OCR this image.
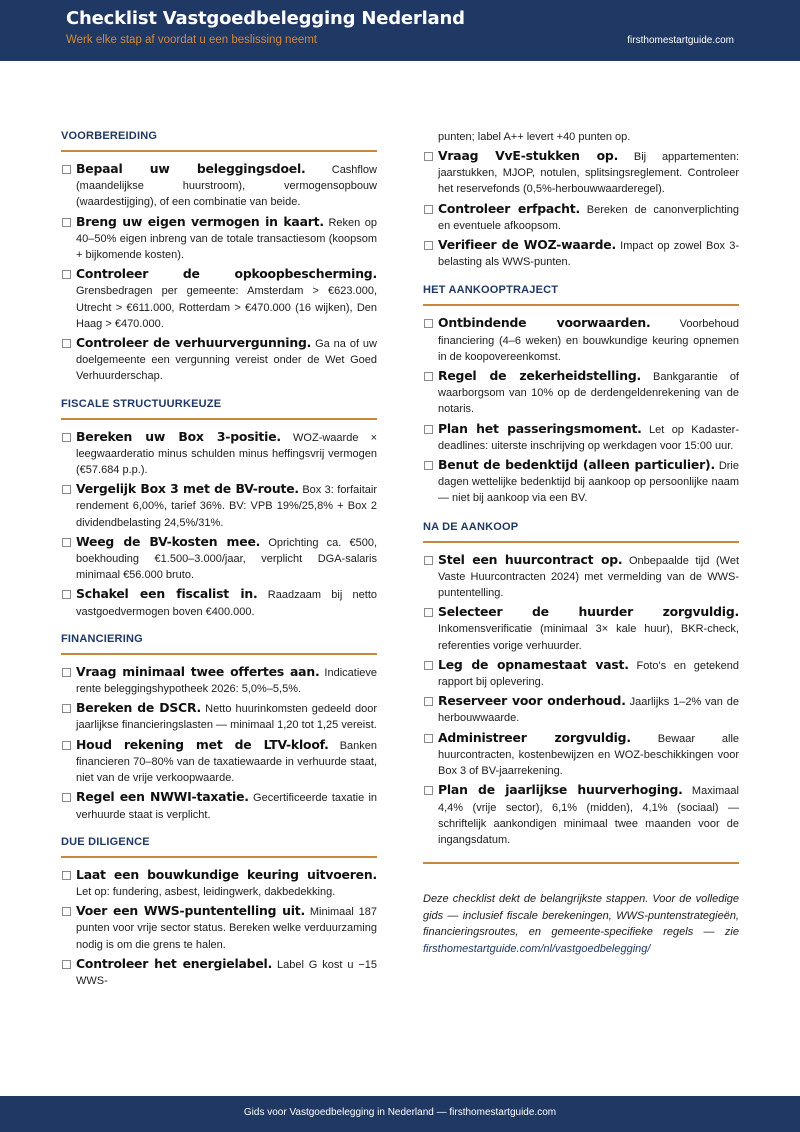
Checklist Vastgoedbelegging Nederland
Werk elke stap af voordat u een beslissing neemt	firsthomestartguide.com
VOORBEREIDING
Bepaal uw beleggingsdoel. Cashflow (maandelijkse huurstroom), vermogensopbouw (waardestijging), of een combinatie van beide.
Breng uw eigen vermogen in kaart. Reken op 40–50% eigen inbreng van de totale transactiesom (koopsom + bijkomende kosten).
Controleer de opkoopbescherming. Grensbedragen per gemeente: Amsterdam > €623.000, Utrecht > €611.000, Rotterdam > €470.000 (16 wijken), Den Haag > €470.000.
Controleer de verhuurvergunning. Ga na of uw doelgemeente een vergunning vereist onder de Wet Goed Verhuurderschap.
FISCALE STRUCTUURKEUZE
Bereken uw Box 3-positie. WOZ-waarde × leegwaarderatio minus schulden minus heffingsvrij vermogen (€57.684 p.p.).
Vergelijk Box 3 met de BV-route. Box 3: forfaitair rendement 6,00%, tarief 36%. BV: VPB 19%/25,8% + Box 2 dividendbelasting 24,5%/31%.
Weeg de BV-kosten mee. Oprichting ca. €500, boekhouding €1.500–3.000/jaar, verplicht DGA-salaris minimaal €56.000 bruto.
Schakel een fiscalist in. Raadzaam bij netto vastgoedvermogen boven €400.000.
FINANCIERING
Vraag minimaal twee offertes aan. Indicatieve rente beleggingshypotheek 2026: 5,0%–5,5%.
Bereken de DSCR. Netto huurinkomsten gedeeld door jaarlijkse financieringslasten — minimaal 1,20 tot 1,25 vereist.
Houd rekening met de LTV-kloof. Banken financieren 70–80% van de taxatiewaarde in verhuurde staat, niet van de vrije verkoopwaarde.
Regel een NWWI-taxatie. Gecertificeerde taxatie in verhuurde staat is verplicht.
DUE DILIGENCE
Laat een bouwkundige keuring uitvoeren. Let op: fundering, asbest, leidingwerk, dakbedekking.
Voer een WWS-puntentelling uit. Minimaal 187 punten voor vrije sector status. Bereken welke verduurzaming nodig is om die grens te halen.
Controleer het energielabel. Label G kost u −15 WWS-
punten; label A++ levert +40 punten op.
Vraag VvE-stukken op. Bij appartementen: jaarstukken, MJOP, notulen, splitsingsreglement. Controleer het reservefonds (0,5%-herbouwwaarderegel).
Controleer erfpacht. Bereken de canonverplichting en eventuele afkoopsom.
Verifieer de WOZ-waarde. Impact op zowel Box 3-belasting als WWS-punten.
HET AANKOOPTRAJECT
Ontbindende voorwaarden.	Voorbehoud financiering (4–6 weken) en bouwkundige keuring opnemen in de koopovereenkomst.
Regel de zekerheidstelling. Bankgarantie of waarborgsom van 10% op de derdengeldenrekening van de notaris.
Plan het passeringsmoment. Let op Kadaster-deadlines: uiterste inschrijving op werkdagen voor 15:00 uur.
Benut de bedenktijd (alleen particulier). Drie dagen wettelijke bedenktijd bij aankoop op persoonlijke naam — niet bij aankoop via een BV.
NA DE AANKOOP
Stel een huurcontract op. Onbepaalde tijd (Wet Vaste Huurcontracten 2024) met vermelding van de WWS-puntentelling.
Selecteer de huurder zorgvuldig. Inkomensverificatie (minimaal 3× kale huur), BKR-check, referenties vorige verhuurder.
Leg de opnamestaat vast. Foto's en getekend rapport bij oplevering.
Reserveer voor onderhoud. Jaarlijks 1–2% van de herbouwwaarde.
Administreer zorgvuldig. Bewaar alle huurcontracten, kostenbewijzen en WOZ-beschikkingen voor Box 3 of BV-jaarrekening.
Plan de jaarlijkse huurverhoging. Maximaal 4,4% (vrije sector), 6,1% (midden), 4,1% (sociaal) — schriftelijk aankondigen minimaal twee maanden voor de ingangsdatum.
Deze checklist dekt de belangrijkste stappen. Voor de volledige gids — inclusief fiscale berekeningen, WWS-puntenstrategieën, financieringsroutes, en gemeente-specifieke regels — zie firsthomestartguide.com/nl/vastgoedbelegging/
Gids voor Vastgoedbelegging in Nederland — firsthomestartguide.com
